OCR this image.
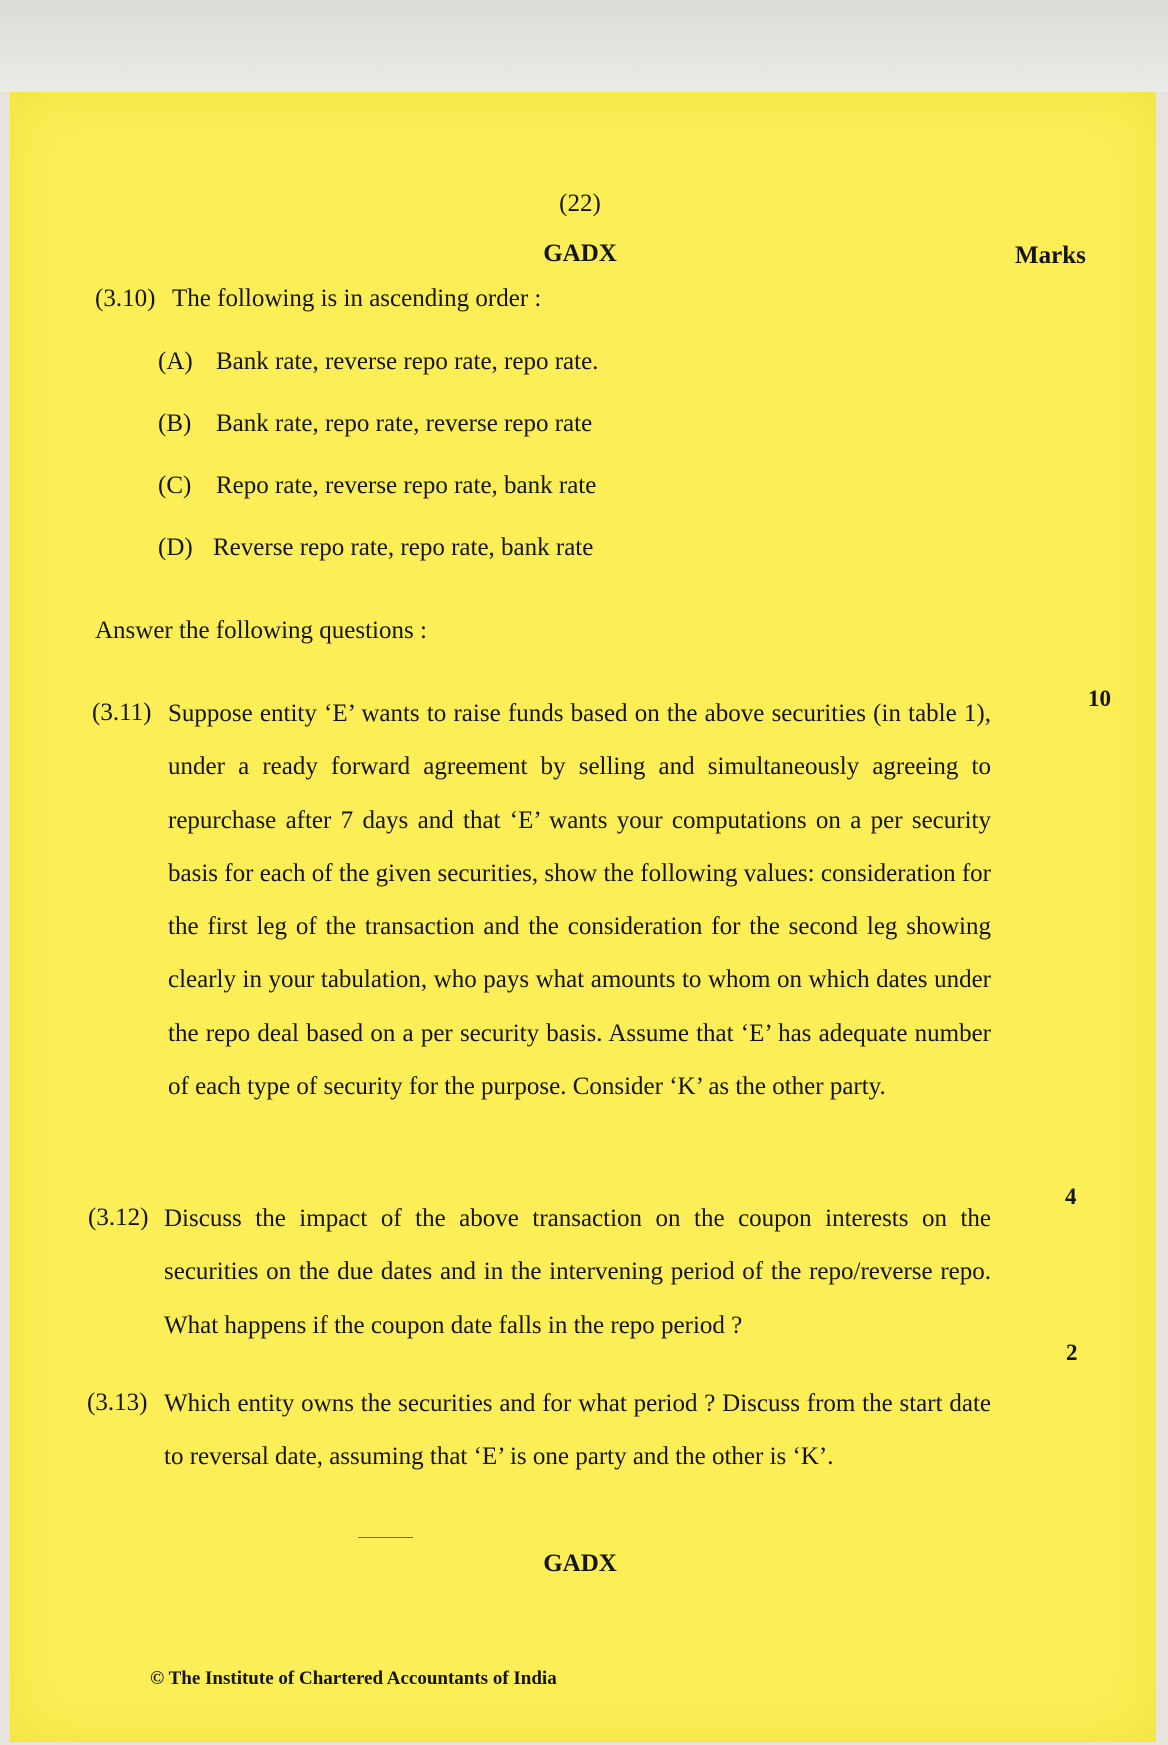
(22)
GADX	Marks
(3.10) The following is in ascending order :
(A) Bank rate, reverse repo rate, repo rate.
(B) Bank rate, repo rate, reverse repo rate
(C) Repo rate, reverse repo rate, bank rate
(D) Reverse repo rate, repo rate, bank rate
Answer the following questions :
(3.11) Suppose entity ‘E’ wants to raise funds based on the above securities (in table 1), under a ready forward agreement by selling and simultaneously agreeing to repurchase after 7 days and that ‘E’ wants your computations on a per security basis for each of the given securities, show the following values: consideration for the first leg of the transaction and the consideration for the second leg showing clearly in your tabulation, who pays what amounts to whom on which dates under the repo deal based on a per security basis. Assume that ‘E’ has adequate number of each type of security for the purpose. Consider ‘K’ as the other party.
10
(3.12) Discuss the impact of the above transaction on the coupon interests on the securities on the due dates and in the intervening period of the repo/reverse repo. What happens if the coupon date falls in the repo period ?
4
(3.13) Which entity owns the securities and for what period ? Discuss from the start date to reversal date, assuming that ‘E’ is one party and the other is ‘K’.
2
GADX
© The Institute of Chartered Accountants of India
